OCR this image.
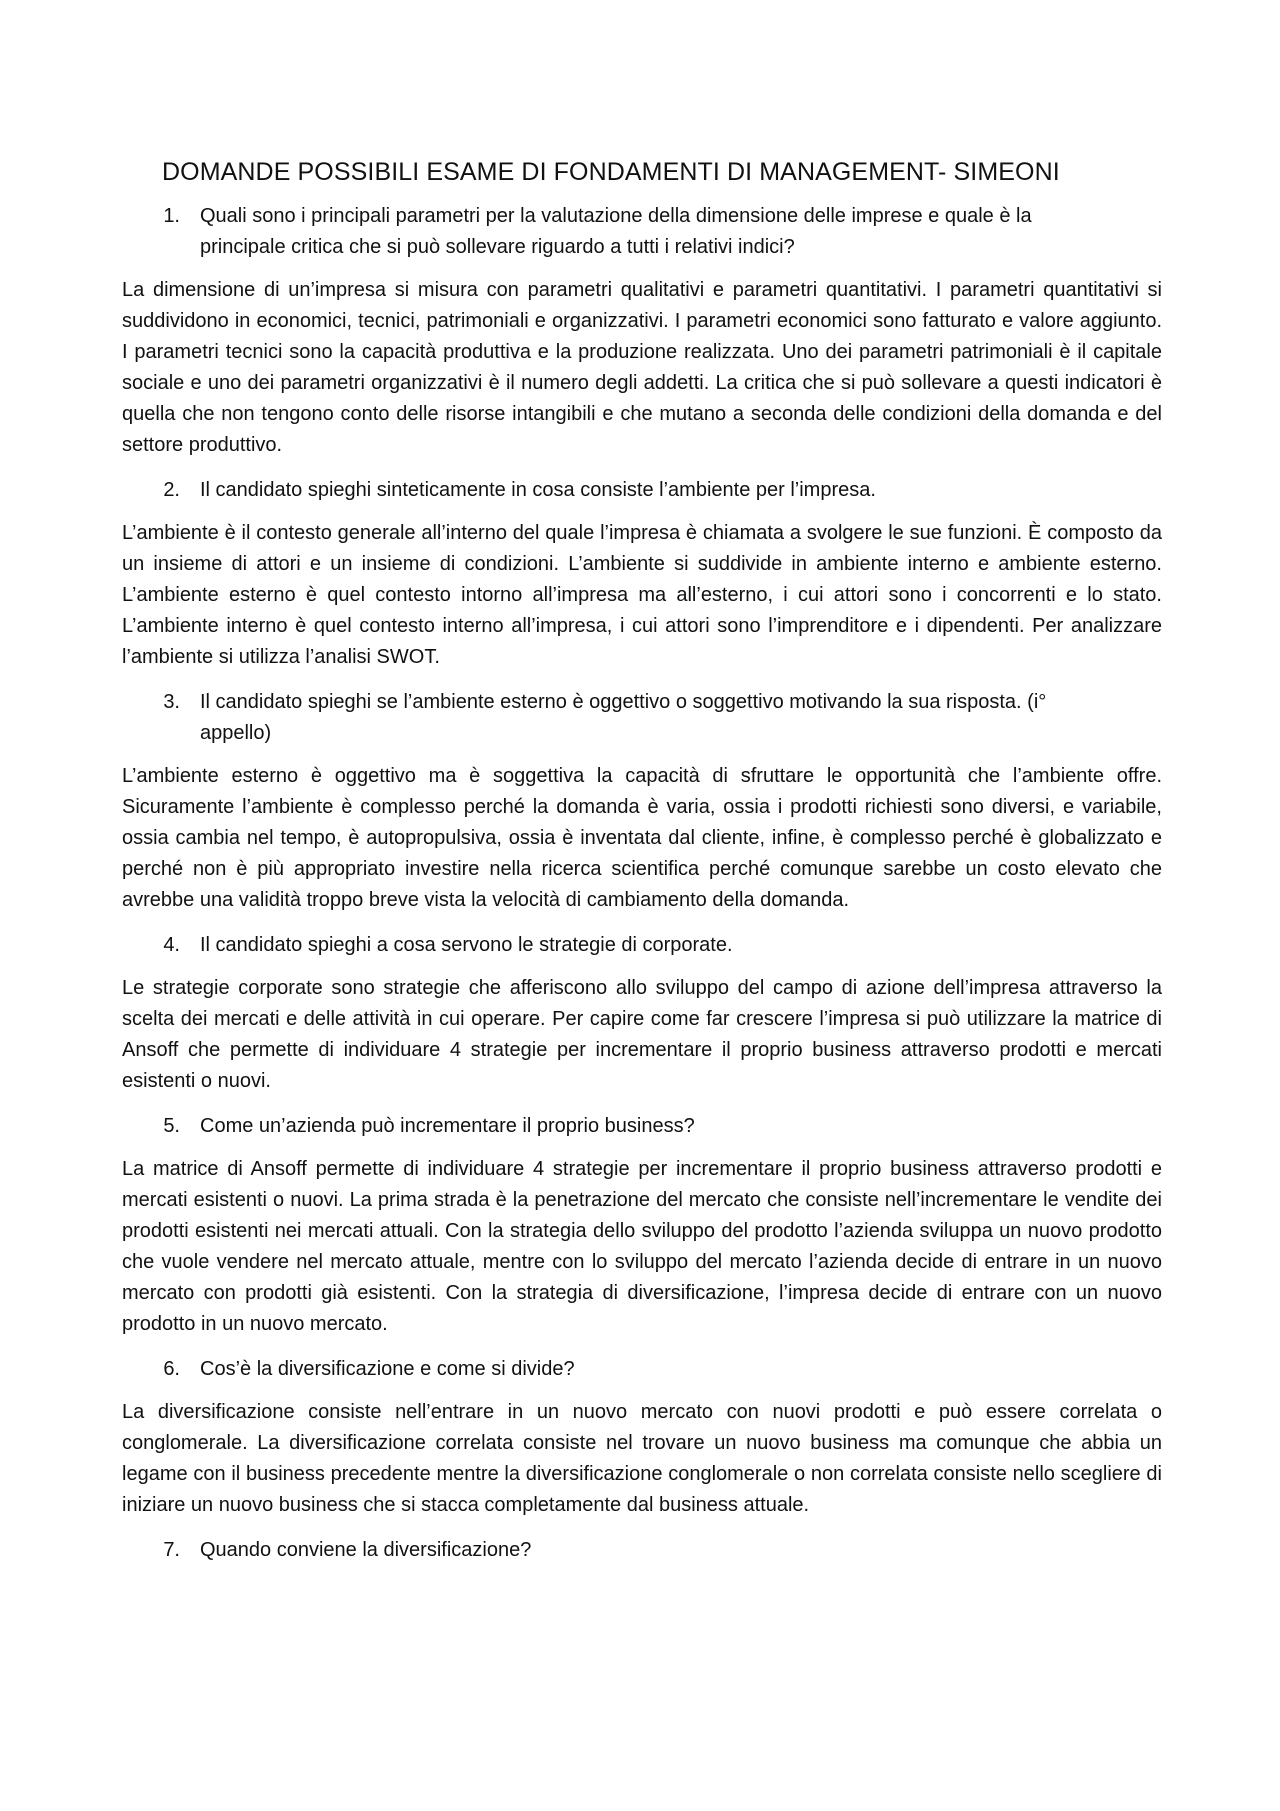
DOMANDE POSSIBILI ESAME DI FONDAMENTI DI MANAGEMENT- SIMEONI
1.	Quali sono i principali parametri per la valutazione della dimensione delle imprese e quale è la principale critica che si può sollevare riguardo a tutti i relativi indici?

La dimensione di un’impresa si misura con parametri qualitativi e parametri quantitativi. I parametri quantitativi si suddividono in economici, tecnici, patrimoniali e organizzativi. I parametri economici sono fatturato e valore aggiunto. I parametri tecnici sono la capacità produttiva e la produzione realizzata. Uno dei parametri patrimoniali è il capitale sociale e uno dei parametri organizzativi è il numero degli addetti. La critica che si può sollevare a questi indicatori è quella che non tengono conto delle risorse intangibili e che mutano a seconda delle condizioni della domanda e del settore produttivo.

2.	Il candidato spieghi sinteticamente in cosa consiste l’ambiente per l’impresa.

L’ambiente è il contesto generale all’interno del quale l’impresa è chiamata a svolgere le sue funzioni. È composto da un insieme di attori e un insieme di condizioni. L’ambiente si suddivide in ambiente interno e ambiente esterno. L’ambiente esterno è quel contesto intorno all’impresa ma all’esterno, i cui attori sono i concorrenti e lo stato. L’ambiente interno è quel contesto interno all’impresa, i cui attori sono l’imprenditore e i dipendenti. Per analizzare l’ambiente si utilizza l’analisi SWOT.

3.	Il candidato spieghi se l’ambiente esterno è oggettivo o soggettivo motivando la sua risposta. (i° appello)

L’ambiente esterno è oggettivo ma è soggettiva la capacità di sfruttare le opportunità che l’ambiente offre. Sicuramente l’ambiente è complesso perché la domanda è varia, ossia i prodotti richiesti sono diversi, e variabile, ossia cambia nel tempo, è autopropulsiva, ossia è inventata dal cliente, infine, è complesso perché è globalizzato e perché non è più appropriato investire nella ricerca scientifica perché comunque sarebbe un costo elevato che avrebbe una validità troppo breve vista la velocità di cambiamento della domanda.

4.	Il candidato spieghi a cosa servono le strategie di corporate.

Le strategie corporate sono strategie che afferiscono allo sviluppo del campo di azione dell’impresa attraverso la scelta dei mercati e delle attività in cui operare. Per capire come far crescere l’impresa si può utilizzare la matrice di Ansoff che permette di individuare 4 strategie per incrementare il proprio business attraverso prodotti e mercati esistenti o nuovi.

5.	Come un’azienda può incrementare il proprio business?

La matrice di Ansoff permette di individuare 4 strategie per incrementare il proprio business attraverso prodotti e mercati esistenti o nuovi. La prima strada è la penetrazione del mercato che consiste nell’incrementare le vendite dei prodotti esistenti nei mercati attuali. Con la strategia dello sviluppo del prodotto l’azienda sviluppa un nuovo prodotto che vuole vendere nel mercato attuale, mentre con lo sviluppo del mercato l’azienda decide di entrare in un nuovo mercato con prodotti già esistenti. Con la strategia di diversificazione, l’impresa decide di entrare con un nuovo prodotto in un nuovo mercato.

6.	Cos’è la diversificazione e come si divide?

La diversificazione consiste nell’entrare in un nuovo mercato con nuovi prodotti e può essere correlata o conglomerale. La diversificazione correlata consiste nel trovare un nuovo business ma comunque che abbia un legame con il business precedente mentre la diversificazione conglomerale o non correlata consiste nello scegliere di iniziare un nuovo business che si stacca completamente dal business attuale.

7.	Quando conviene la diversificazione?
